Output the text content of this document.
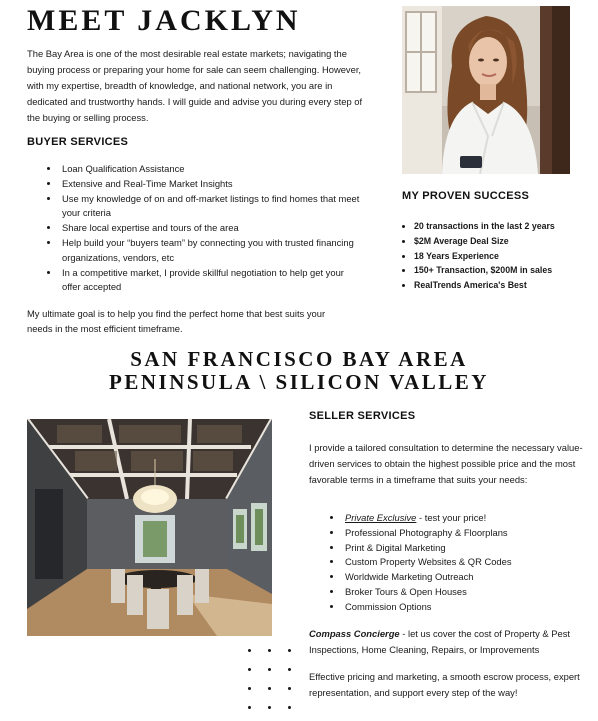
MEET JACKLYN

The Bay Area is one of the most desirable real estate markets; navigating the buying process or preparing your home for sale can seem challenging. However, with my expertise, breadth of knowledge, and national network, you are in dedicated and trustworthy hands. I will guide and advise you during every step of the buying or selling process.

BUYER SERVICES
• Loan Qualification Assistance
• Extensive and Real-Time Market Insights
• Use my knowledge of on and off-market listings to find homes that meet your criteria
• Share local expertise and tours of the area
• Help build your “buyers team” by connecting you with trusted financing organizations, vendors, etc
• In a competitive market, I provide skillful negotiation to help get your offer accepted

My ultimate goal is to help you find the perfect home that best suits your needs in the most efficient timeframe.

MY PROVEN SUCCESS
• 20 transactions in the last 2 years
• $2M Average Deal Size
• 18 Years Experience
• 150+ Transaction, $200M in sales
• RealTrends America's Best
SAN FRANCISCO BAY AREA
PENINSULA \ SILICON VALLEY
SELLER SERVICES

I provide a tailored consultation to determine the necessary value-driven services to obtain the highest possible price and the most favorable terms in a timeframe that suits your needs:

• Private Exclusive - test your price!
• Professional Photography & Floorplans
• Print & Digital Marketing
• Custom Property Websites & QR Codes
• Worldwide Marketing Outreach
• Broker Tours & Open Houses
• Commission Options

Compass Concierge - let us cover the cost of Property & Pest Inspections, Home Cleaning, Repairs, or Improvements

Effective pricing and marketing, a smooth escrow process, expert representation, and support every step of the way!
